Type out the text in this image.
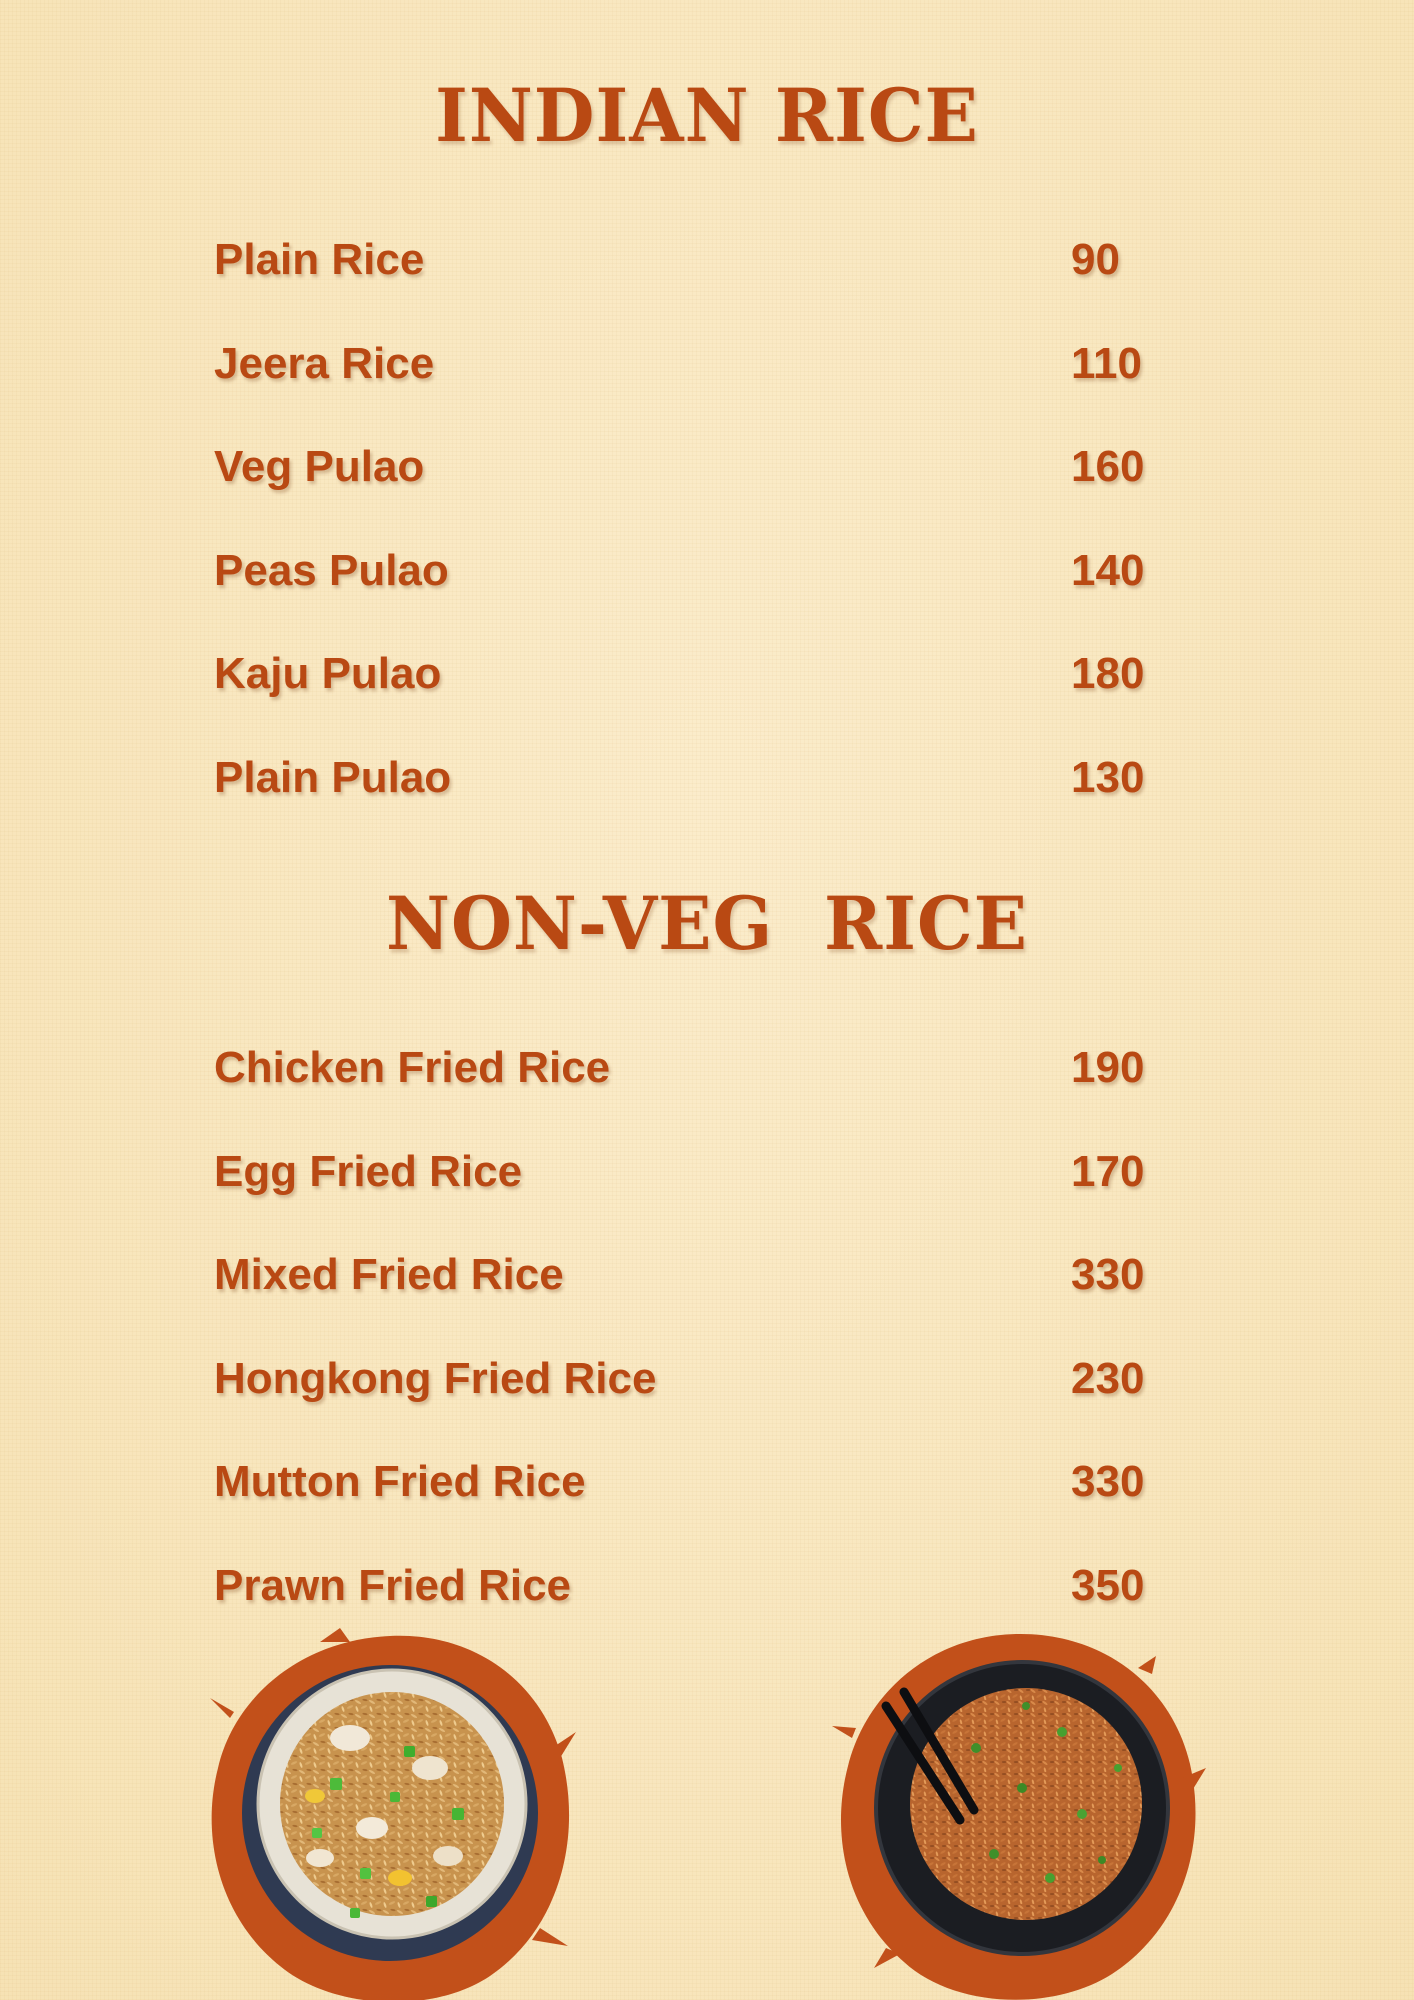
INDIAN RICE
Plain Rice	90
Jeera Rice	110
Veg Pulao	160
Peas Pulao	140
Kaju Pulao	180
Plain Pulao	130
NON-VEG  RICE
Chicken Fried Rice	190
Egg Fried Rice	170
Mixed Fried Rice	330
Hongkong Fried Rice	230
Mutton Fried Rice	330
Prawn Fried Rice	350
